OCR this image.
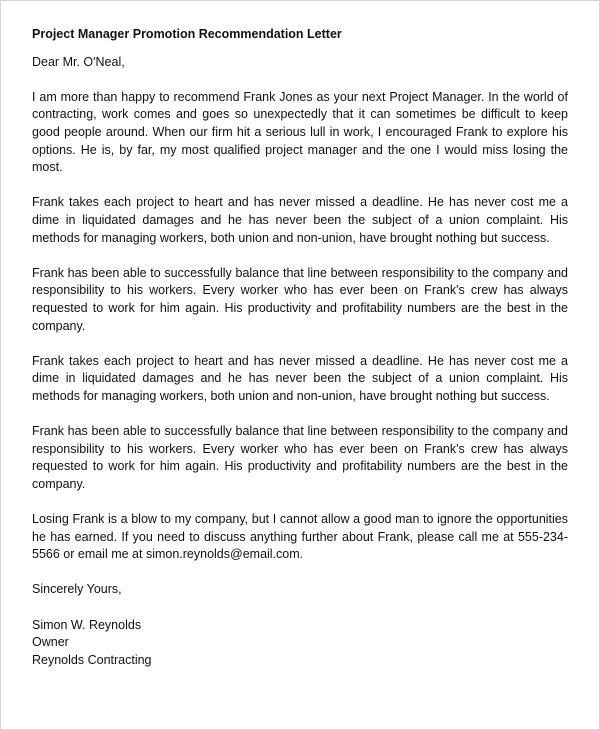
Project Manager Promotion Recommendation Letter
Dear Mr. O'Neal,
I am more than happy to recommend Frank Jones as your next Project Manager. In the world of
contracting, work comes and goes so unexpectedly that it can sometimes be difficult to keep
good people around. When our firm hit a serious lull in work, I encouraged Frank to explore his
options. He is, by far, my most qualified project manager and the one I would miss losing the
most.
Frank takes each project to heart and has never missed a deadline. He has never cost me a
dime in liquidated damages and he has never been the subject of a union complaint. His
methods for managing workers, both union and non-union, have brought nothing but success.
Frank has been able to successfully balance that line between responsibility to the company and
responsibility to his workers. Every worker who has ever been on Frank's crew has always
requested to work for him again. His productivity and profitability numbers are the best in the
company.
Frank takes each project to heart and has never missed a deadline. He has never cost me a
dime in liquidated damages and he has never been the subject of a union complaint. His
methods for managing workers, both union and non-union, have brought nothing but success.
Frank has been able to successfully balance that line between responsibility to the company and
responsibility to his workers. Every worker who has ever been on Frank's crew has always
requested to work for him again. His productivity and profitability numbers are the best in the
company.
Losing Frank is a blow to my company, but I cannot allow a good man to ignore the opportunities
he has earned. If you need to discuss anything further about Frank, please call me at 555-234-
5566 or email me at simon.reynolds@email.com.
Sincerely Yours,
Simon W. Reynolds
Owner
Reynolds Contracting
